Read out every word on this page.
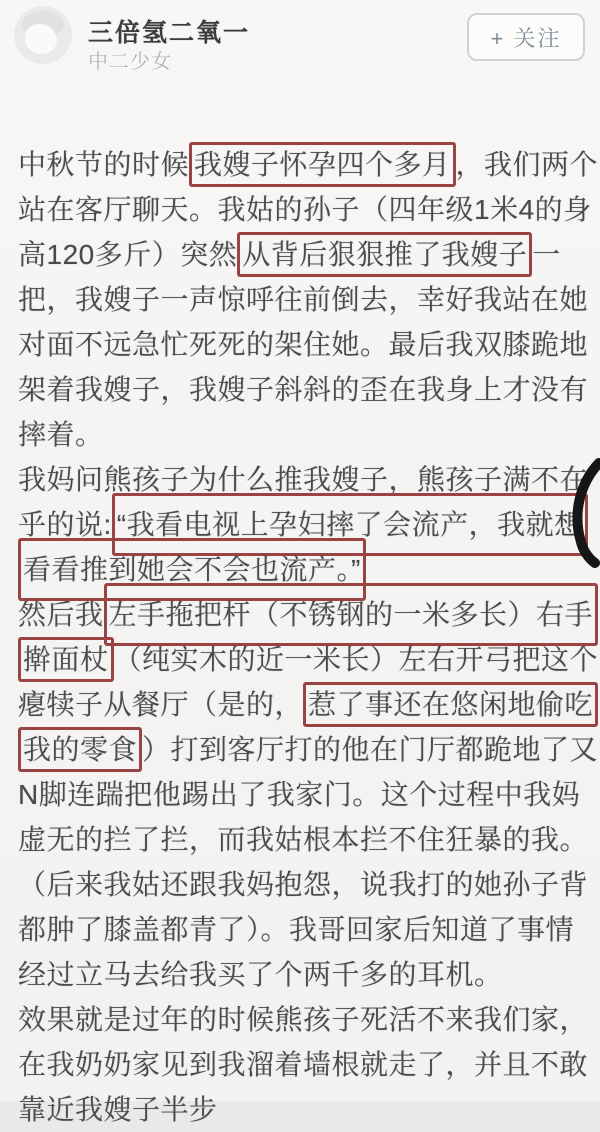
三倍氢二氧一
中二少女
+ 关注
中秋节的时候 我嫂子怀孕四个多月 ，我们两个
站在客厅聊天。我姑的孙子（四年级1米4的身
高120多斤）突然 从背后狠狠推了我嫂子 一
把，我嫂子一声惊呼往前倒去，幸好我站在她
对面不远急忙死死的架住她。最后我双膝跪地
架着我嫂子，我嫂子斜斜的歪在我身上才没有
摔着。
我妈问熊孩子为什么推我嫂子，熊孩子满不在
乎的说: “我看电视上孕妇摔了会流产，我就想
看看推到她会不会也流产。”
然后我 左手拖把杆（不锈钢的一米多长）右手
擀面杖 （纯实木的近一米长）左右开弓把这个
瘪犊子从餐厅（是的， 惹了事还在悠闲地偷吃
我的零食 ）打到客厅打的他在门厅都跪地了又
N脚连踹把他踢出了我家门。这个过程中我妈
虚无的拦了拦，而我姑根本拦不住狂暴的我。
（后来我姑还跟我妈抱怨，说我打的她孙子背
都肿了膝盖都青了）。我哥回家后知道了事情
经过立马去给我买了个两千多的耳机。
效果就是过年的时候熊孩子死活不来我们家，
在我奶奶家见到我溜着墙根就走了，并且不敢
靠近我嫂子半步
